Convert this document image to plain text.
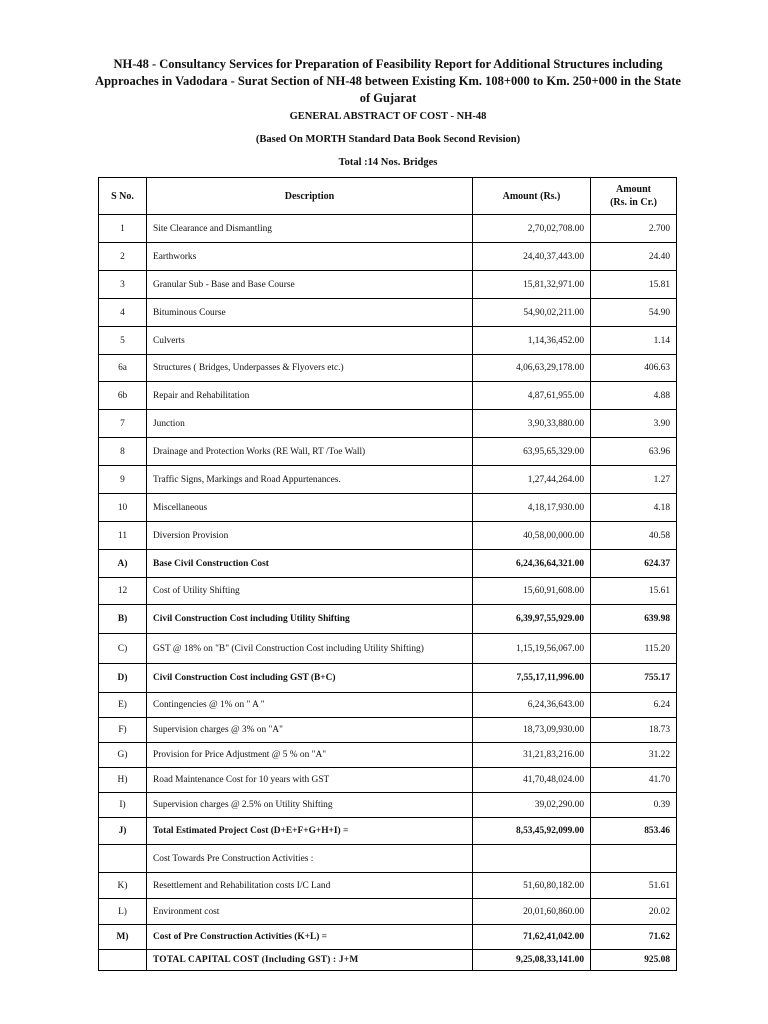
NH-48 - Consultancy Services for Preparation of Feasibility Report for Additional Structures including Approaches in Vadodara - Surat Section of NH-48 between Existing Km. 108+000 to Km. 250+000 in the State of Gujarat
GENERAL ABSTRACT OF COST - NH-48
(Based On MORTH Standard Data Book Second Revision)
Total :14 Nos. Bridges
S No.	Description	Amount (Rs.)	Amount
(Rs. in Cr.)
1	Site Clearance and Dismantling	2,70,02,708.00	2.700
2	Earthworks	24,40,37,443.00	24.40
3	Granular Sub - Base and Base Course	15,81,32,971.00	15.81
4	Bituminous Course	54,90,02,211.00	54.90
5	Culverts	1,14,36,452.00	1.14
6a	Structures ( Bridges, Underpasses & Flyovers etc.)	4,06,63,29,178.00	406.63
6b	Repair and Rehabilitation	4,87,61,955.00	4.88
7	Junction	3,90,33,880.00	3.90
8	Drainage and Protection Works (RE Wall, RT /Toe Wall)	63,95,65,329.00	63.96
9	Traffic Signs, Markings and Road Appurtenances.	1,27,44,264.00	1.27
10	Miscellaneous	4,18,17,930.00	4.18
11	Diversion Provision	40,58,00,000.00	40.58
A)	Base Civil Construction Cost	6,24,36,64,321.00	624.37
12	Cost of Utility Shifting	15,60,91,608.00	15.61
B)	Civil Construction Cost including Utility Shifting	6,39,97,55,929.00	639.98
C)	GST @ 18% on "B" (Civil Construction Cost including Utility Shifting)	1,15,19,56,067.00	115.20
D)	Civil Construction Cost including GST (B+C)	7,55,17,11,996.00	755.17
E)	Contingencies @ 1% on " A "	6,24,36,643.00	6.24
F)	Supervision charges @ 3% on "A"	18,73,09,930.00	18.73
G)	Provision for Price Adjustment @ 5 % on "A"	31,21,83,216.00	31.22
H)	Road Maintenance Cost for 10 years with GST	41,70,48,024.00	41.70
I)	Supervision charges @ 2.5% on Utility Shifting	39,02,290.00	0.39
J)	Total Estimated Project Cost (D+E+F+G+H+I) =	8,53,45,92,099.00	853.46
	Cost Towards Pre Construction Activities :		
K)	Resettlement and Rehabilitation costs I/C Land	51,60,80,182.00	51.61
L)	Environment cost	20,01,60,860.00	20.02
M)	Cost of Pre Construction Activities (K+L) =	71,62,41,042.00	71.62
	TOTAL CAPITAL COST (Including GST) : J+M	9,25,08,33,141.00	925.08
